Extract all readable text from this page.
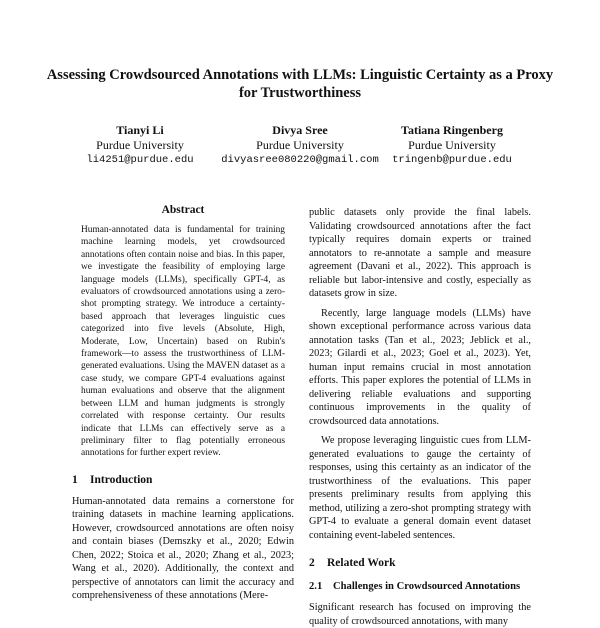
Assessing Crowdsourced Annotations with LLMs: Linguistic Certainty as a Proxy for Trustworthiness
Tianyi Li
Purdue University
li4251@purdue.edu
Divya Sree
Purdue University
divyasree080220@gmail.com
Tatiana Ringenberg
Purdue University
tringenb@purdue.edu
Abstract
Human-annotated data is fundamental for training machine learning models, yet crowdsourced annotations often contain noise and bias. In this paper, we investigate the feasibility of employing large language models (LLMs), specifically GPT-4, as evaluators of crowdsourced annotations using a zero-shot prompting strategy. We introduce a certainty-based approach that leverages linguistic cues categorized into five levels (Absolute, High, Moderate, Low, Uncertain) based on Rubin's framework—to assess the trustworthiness of LLM-generated evaluations. Using the MAVEN dataset as a case study, we compare GPT-4 evaluations against human evaluations and observe that the alignment between LLM and human judgments is strongly correlated with response certainty. Our results indicate that LLMs can effectively serve as a preliminary filter to flag potentially erroneous annotations for further expert review.
1	Introduction

Human-annotated data remains a cornerstone for training datasets in machine learning applications. However, crowdsourced annotations are often noisy and contain biases (Demszky et al., 2020; Edwin Chen, 2022; Stoica et al., 2020; Zhang et al., 2023; Wang et al., 2020). Additionally, the context and perspective of annotators can limit the accuracy and comprehensiveness of these annotations (Mere-

public datasets only provide the final labels. Validating crowdsourced annotations after the fact typically requires domain experts or trained annotators to re-annotate a sample and measure agreement (Davani et al., 2022). This approach is reliable but labor-intensive and costly, especially as datasets grow in size.

Recently, large language models (LLMs) have shown exceptional performance across various data annotation tasks (Tan et al., 2023; Jeblick et al., 2023; Gilardi et al., 2023; Goel et al., 2023). Yet, human input remains crucial in most annotation efforts. This paper explores the potential of LLMs in delivering reliable evaluations and supporting continuous improvements in the quality of crowdsourced data annotations.

We propose leveraging linguistic cues from LLM-generated evaluations to gauge the certainty of responses, using this certainty as an indicator of the trustworthiness of the evaluations. This paper presents preliminary results from applying this method, utilizing a zero-shot prompting strategy with GPT-4 to evaluate a general domain event dataset containing event-labeled sentences.

2	Related Work
2.1	Challenges in Crowdsourced Annotations

Significant research has focused on improving the quality of crowdsourced annotations, with many
